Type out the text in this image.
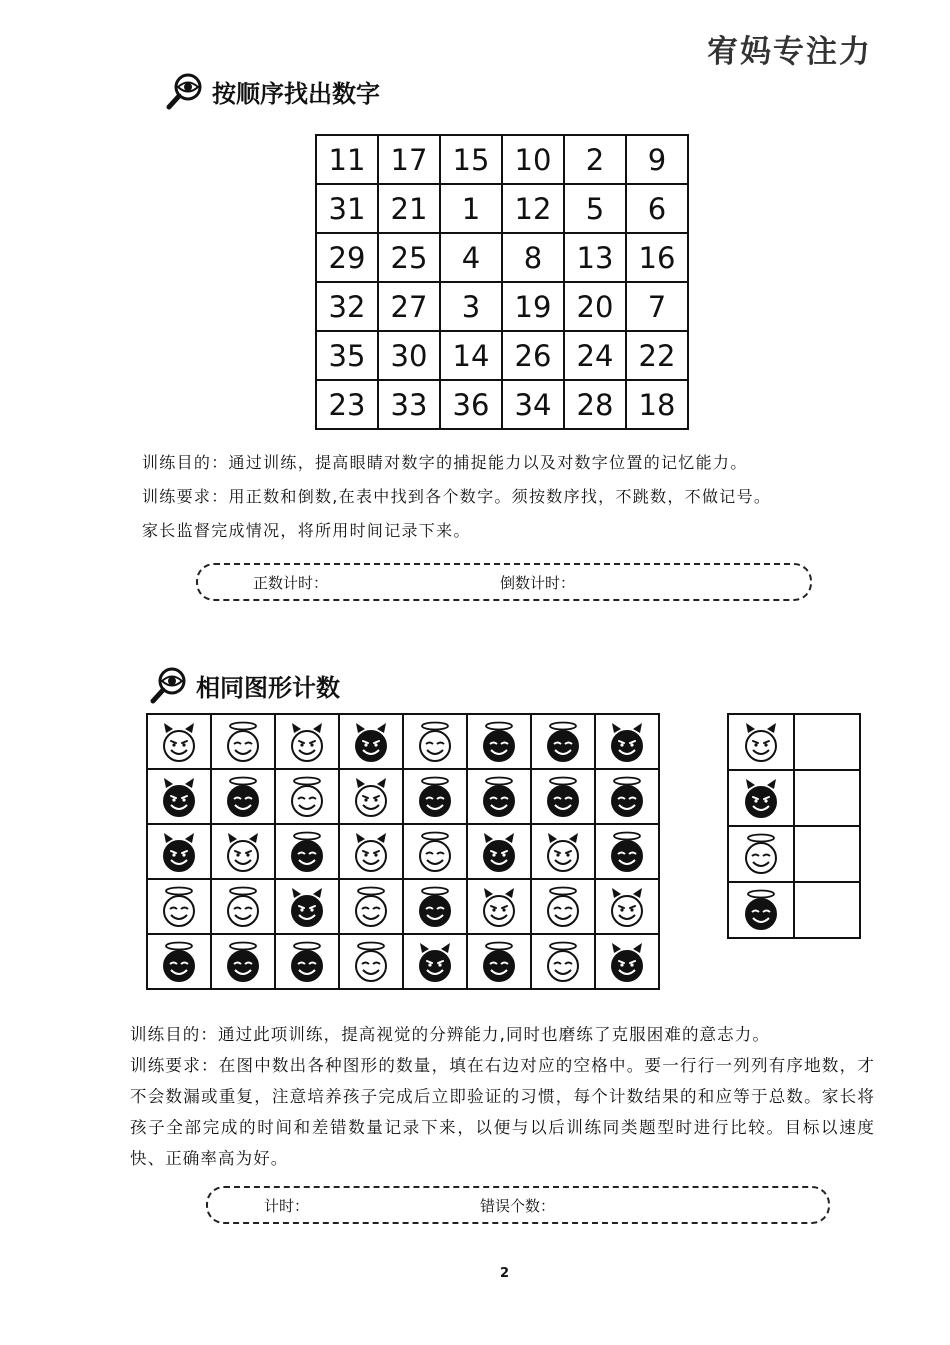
宥妈专注力
按顺序找出数字
11	17	15	10	2	9
31	21	1	12	5	6
29	25	4	8	13	16
32	27	3	19	20	7
35	30	14	26	24	22
23	33	36	34	28	18
训练目的：通过训练，提高眼睛对数字的捕捉能力以及对数字位置的记忆能力。
训练要求：用正数和倒数,在表中找到各个数字。须按数序找，不跳数，不做记号。
家长监督完成情况，将所用时间记录下来。
正数计时：	倒数计时：
相同图形计数

训练目的：通过此项训练，提高视觉的分辨能力,同时也磨练了克服困难的意志力。
训练要求：在图中数出各种图形的数量，填在右边对应的空格中。要一行行一列列有序地数，才不会数漏或重复，注意培养孩子完成后立即验证的习惯，每个计数结果的和应等于总数。家长将孩子全部完成的时间和差错数量记录下来，以便与以后训练同类题型时进行比较。目标以速度快、正确率高为好。
计时：	错误个数：
2
